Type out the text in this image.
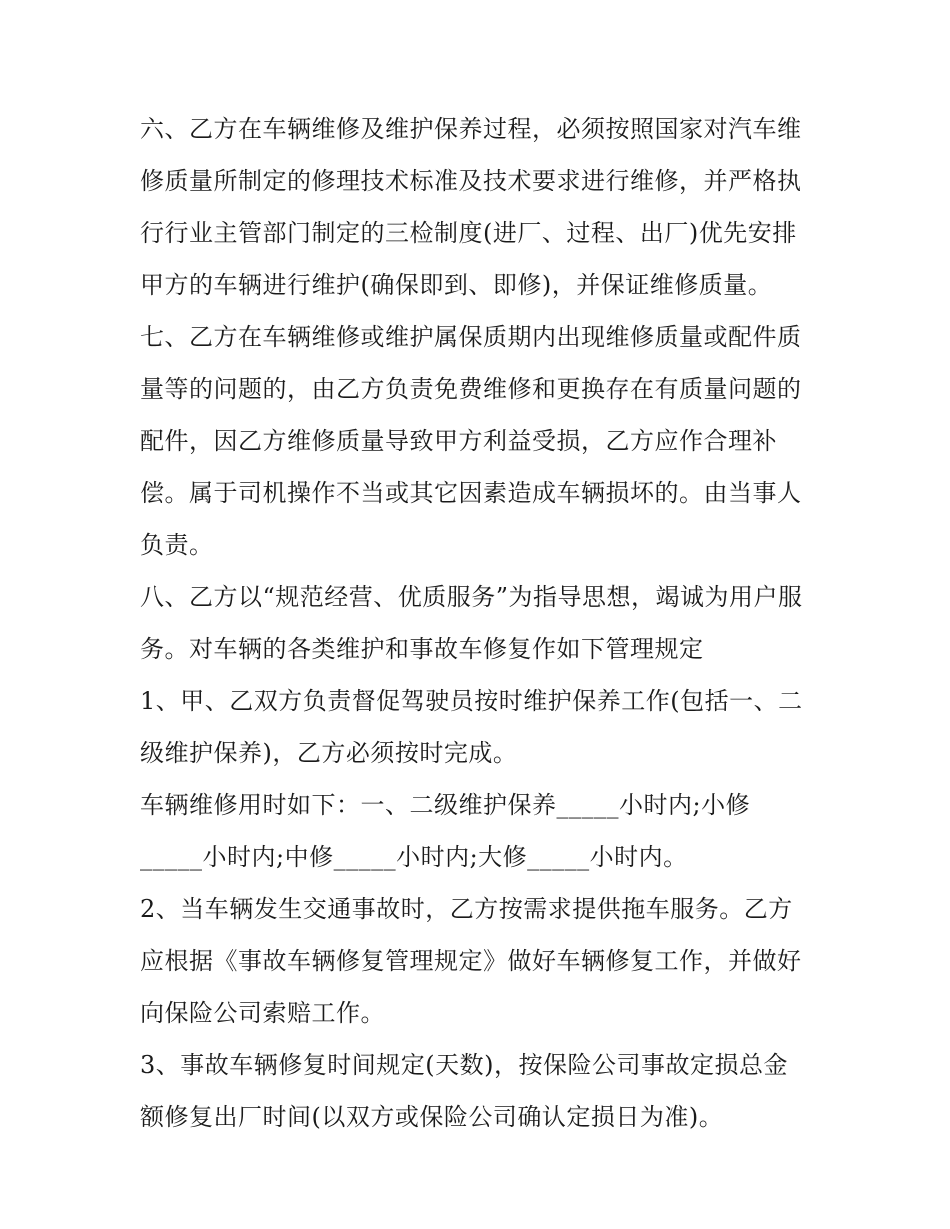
六、乙方在车辆维修及维护保养过程，必须按照国家对汽车维
修质量所制定的修理技术标准及技术要求进行维修，并严格执
行行业主管部门制定的三检制度(进厂、过程、出厂)优先安排
甲方的车辆进行维护(确保即到、即修)，并保证维修质量。
七、乙方在车辆维修或维护属保质期内出现维修质量或配件质
量等的问题的，由乙方负责免费维修和更换存在有质量问题的
配件，因乙方维修质量导致甲方利益受损，乙方应作合理补
偿。属于司机操作不当或其它因素造成车辆损坏的。由当事人
负责。
八、乙方以“规范经营、优质服务”为指导思想，竭诚为用户服
务。对车辆的各类维护和事故车修复作如下管理规定
1、甲、乙双方负责督促驾驶员按时维护保养工作(包括一、二
级维护保养)，乙方必须按时完成。
车辆维修用时如下：一、二级维护保养_____小时内;小修
_____小时内;中修_____小时内;大修_____小时内。
2、当车辆发生交通事故时，乙方按需求提供拖车服务。乙方
应根据《事故车辆修复管理规定》做好车辆修复工作，并做好
向保险公司索赔工作。
3、事故车辆修复时间规定(天数)，按保险公司事故定损总金
额修复出厂时间(以双方或保险公司确认定损日为准)。
